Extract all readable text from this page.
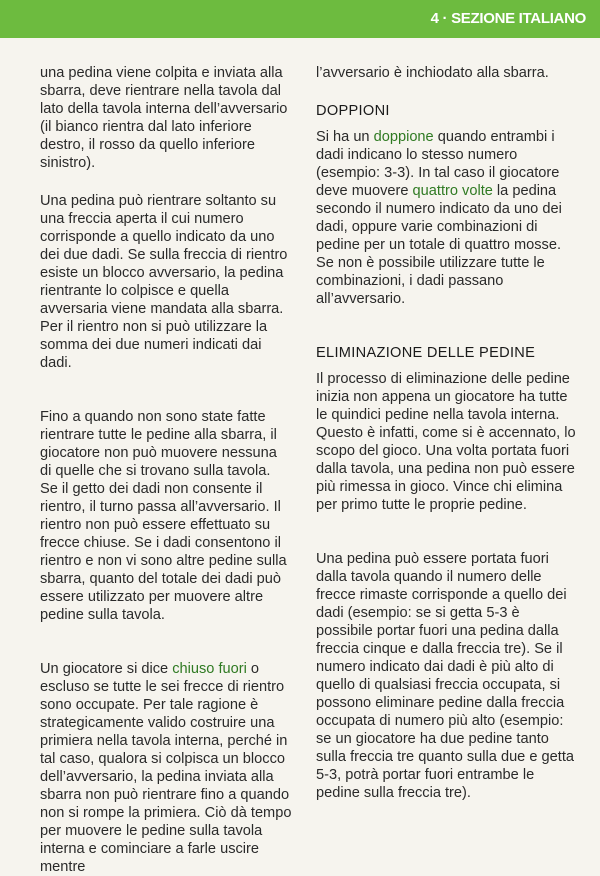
4 · SEZIONE ITALIANO

una pedina viene colpita e inviata alla sbarra, deve rientrare nella tavola dal lato della tavola interna dell’avversario (il bianco rientra dal lato inferiore destro, il rosso da quello inferiore sinistro).

Una pedina può rientrare soltanto su una freccia aperta il cui numero corrisponde a quello indicato da uno dei due dadi. Se sulla freccia di rientro esiste un blocco avversario, la pedina rientrante lo colpisce e quella avversaria viene mandata alla sbarra. Per il rientro non si può utilizzare la somma dei due numeri indicati dai dadi.

Fino a quando non sono state fatte rientrare tutte le pedine alla sbarra, il giocatore non può muovere nessuna di quelle che si trovano sulla tavola. Se il getto dei dadi non consente il rientro, il turno passa all’avversario. Il rientro non può essere effettuato su frecce chiuse. Se i dadi consentono il rientro e non vi sono altre pedine sulla sbarra, quanto del totale dei dadi può essere utilizzato per muovere altre pedine sulla tavola.

Un giocatore si dice chiuso fuori o escluso se tutte le sei frecce di rientro sono occupate. Per tale ragione è strategicamente valido costruire una primiera nella tavola interna, perché in tal caso, qualora si colpisca un blocco dell’avversario, la pedina inviata alla sbarra non può rientrare fino a quando non si rompe la primiera. Ciò dà tempo per muovere le pedine sulla tavola interna e cominciare a farle uscire mentre

l’avversario è inchiodato alla sbarra.

DOPPIONI

Si ha un doppione quando entrambi i dadi indicano lo stesso numero (esempio: 3-3). In tal caso il giocatore deve muovere quattro volte la pedina secondo il numero indicato da uno dei dadi, oppure varie combinazioni di pedine per un totale di quattro mosse. Se non è possibile utilizzare tutte le combinazioni, i dadi passano all’avversario.

ELIMINAZIONE DELLE PEDINE

Il processo di eliminazione delle pedine inizia non appena un giocatore ha tutte le quindici pedine nella tavola interna. Questo è infatti, come si è accennato, lo scopo del gioco. Una volta portata fuori dalla tavola, una pedina non può essere più rimessa in gioco. Vince chi elimina per primo tutte le proprie pedine.

Una pedina può essere portata fuori dalla tavola quando il numero delle frecce rimaste corrisponde a quello dei dadi (esempio: se si getta 5-3 è possibile portar fuori una pedina dalla freccia cinque e dalla freccia tre). Se il numero indicato dai dadi è più alto di quello di qualsiasi freccia occupata, si possono eliminare pedine dalla freccia occupata di numero più alto (esempio: se un giocatore ha due pedine tanto sulla freccia tre quanto sulla due e getta 5-3, potrà portar fuori entrambe le pedine sulla freccia tre).
